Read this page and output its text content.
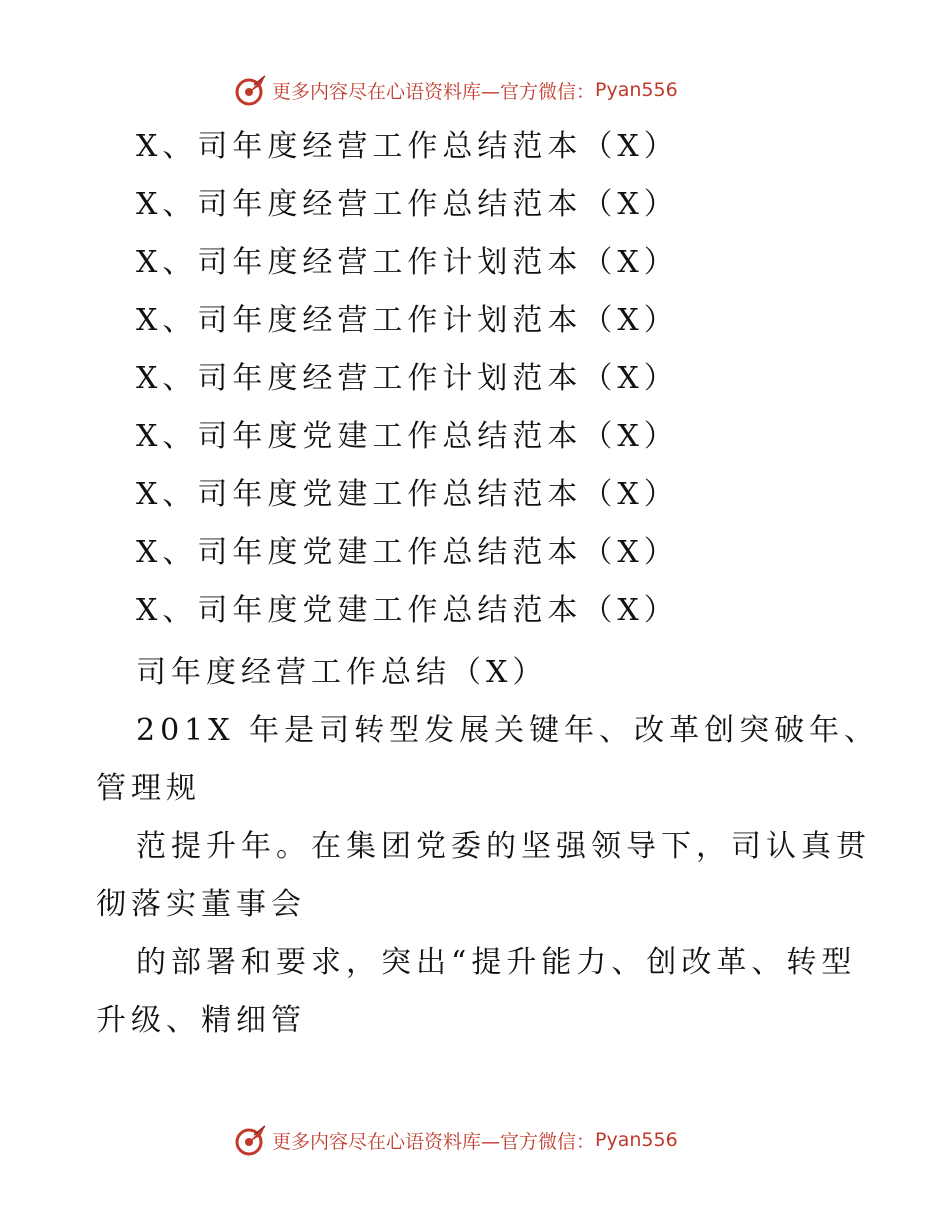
更多内容尽在心语资料库—官方微信： Pyan556
X、司年度经营工作总结范本（X）
X、司年度经营工作总结范本（X）
X、司年度经营工作计划范本（X）
X、司年度经营工作计划范本（X）
X、司年度经营工作计划范本（X）
X、司年度党建工作总结范本（X）
X、司年度党建工作总结范本（X）
X、司年度党建工作总结范本（X）
X、司年度党建工作总结范本（X）
司年度经营工作总结（X）

201X 年是司转型发展关键年、改革创突破年、
管理规

范提升年。在集团党委的坚强领导下，司认真贯
彻落实董事会

的部署和要求，突出“提升能力、创改革、转型
升级、精细管

更多内容尽在心语资料库—官方微信： Pyan556
